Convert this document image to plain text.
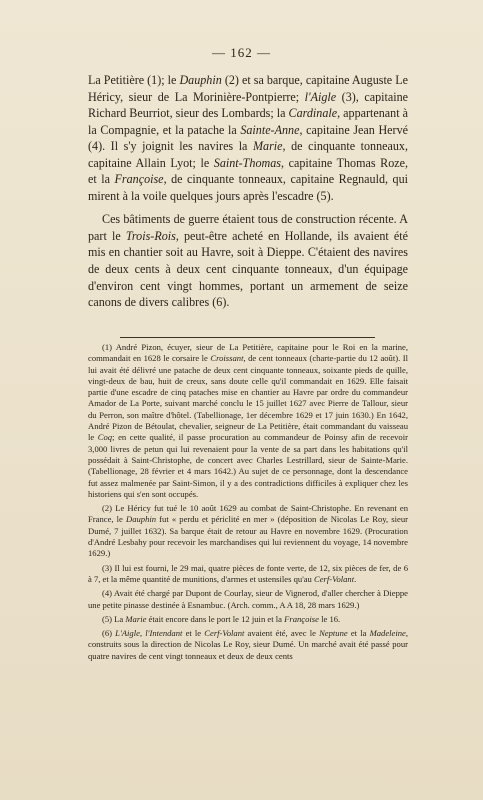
— 162 —

La Petitière (1); le Dauphin (2) et sa barque, capitaine Auguste Le Héricy, sieur de La Morinière-Pontpierre; l'Aigle (3), capitaine Richard Beurriot, sieur des Lombards; la Cardinale, appartenant à la Compagnie, et la patache la Sainte-Anne, capitaine Jean Hervé (4). Il s'y joignit les navires la Marie, de cinquante tonneaux, capitaine Allain Lyot; le Saint-Thomas, capitaine Thomas Roze, et la Françoise, de cinquante tonneaux, capitaine Regnauld, qui mirent à la voile quelques jours après l'escadre (5).

Ces bâtiments de guerre étaient tous de construction récente. A part le Trois-Rois, peut-être acheté en Hollande, ils avaient été mis en chantier soit au Havre, soit à Dieppe. C'étaient des navires de deux cents à deux cent cinquante tonneaux, d'un équipage d'environ cent vingt hommes, portant un armement de seize canons de divers calibres (6).

(1) André Pizon, écuyer, sieur de La Petitière, capitaine pour le Roi en la marine, commandait en 1628 le corsaire le Croissant, de cent tonneaux (charte-partie du 12 août). Il lui avait été délivré une patache de deux cent cinquante tonneaux, soixante pieds de quille, vingt-deux de bau, huit de creux, sans doute celle qu'il commandait en 1629. Elle faisait partie d'une escadre de cinq pataches mise en chantier au Havre par ordre du commandeur Amador de La Porte, suivant marché conclu le 15 juillet 1627 avec Pierre de Tallour, sieur du Perron, son maître d'hôtel. (Tabellionage, 1er décembre 1629 et 17 juin 1630.) En 1642, André Pizon de Bétoulat, chevalier, seigneur de La Petitière, était commandant du vaisseau le Coq; en cette qualité, il passe procuration au commandeur de Poinsy afin de recevoir 3,000 livres de petun qui lui revenaient pour la vente de sa part dans les habitations qu'il possédait à Saint-Christophe, de concert avec Charles Lestrillard, sieur de Sainte-Marie. (Tabellionage, 28 février et 4 mars 1642.) Au sujet de ce personnage, dont la descendance fut assez malmenée par Saint-Simon, il y a des contradictions difficiles à expliquer chez les historiens qui s'en sont occupés.

(2) Le Héricy fut tué le 10 août 1629 au combat de Saint-Christophe. En revenant en France, le Dauphin fut « perdu et périclité en mer » (déposition de Nicolas Le Roy, sieur Dumé, 7 juillet 1632). Sa barque était de retour au Havre en novembre 1629. (Procuration d'André Lesbahy pour recevoir les marchandises qui lui reviennent du voyage, 14 novembre 1629.)

(3) Il lui est fourni, le 29 mai, quatre pièces de fonte verte, de 12, six pièces de fer, de 6 à 7, et la même quantité de munitions, d'armes et ustensiles qu'au Cerf-Volant.

(4) Avait été chargé par Dupont de Courlay, sieur de Vignerod, d'aller chercher à Dieppe une petite pinasse destinée à Esnambuc. (Arch. comm., A A 18, 28 mars 1629.)

(5) La Marie était encore dans le port le 12 juin et la Françoise le 16.

(6) L'Aigle, l'Intendant et le Cerf-Volant avaient été, avec le Neptune et la Madeleine, construits sous la direction de Nicolas Le Roy, sieur Dumé. Un marché avait été passé pour quatre navires de cent vingt tonneaux et deux de deux cents
